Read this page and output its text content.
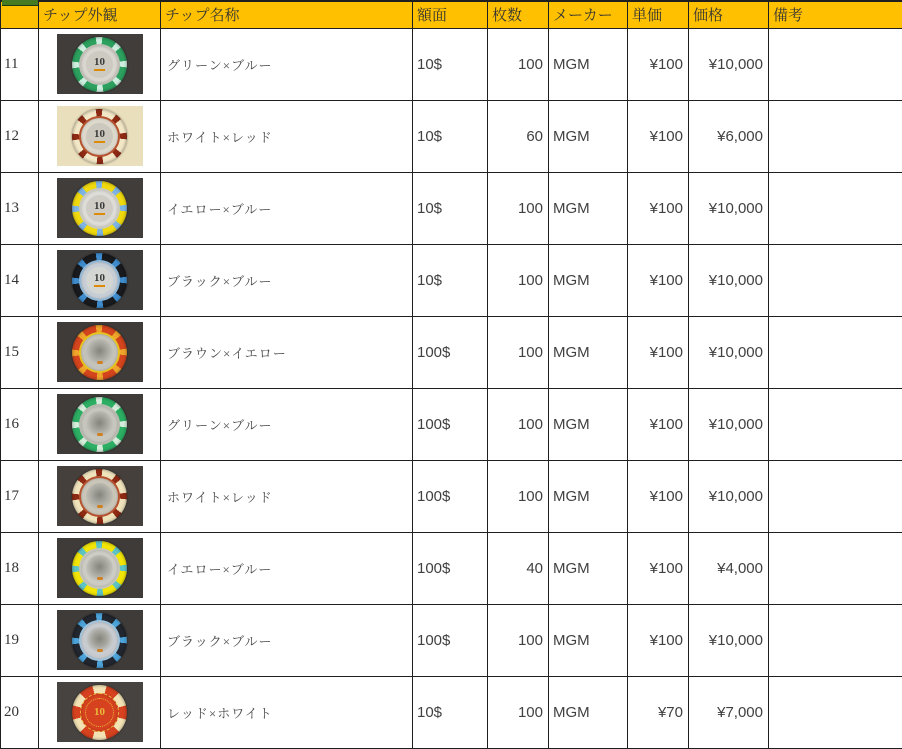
	チップ外観	チップ名称	額面	枚数	メーカー	単価	価格	備考
11	10	グリーン×ブルー	10$	100	MGM	¥100	¥10,000	
12	10	ホワイト×レッド	10$	60	MGM	¥100	¥6,000	
13	10	イエロー×ブルー	10$	100	MGM	¥100	¥10,000	
14	10	ブラック×ブルー	10$	100	MGM	¥100	¥10,000	
15		ブラウン×イエロー	100$	100	MGM	¥100	¥10,000	
16		グリーン×ブルー	100$	100	MGM	¥100	¥10,000	
17		ホワイト×レッド	100$	100	MGM	¥100	¥10,000	
18		イエロー×ブルー	100$	40	MGM	¥100	¥4,000	
19		ブラック×ブルー	100$	100	MGM	¥100	¥10,000	
20	10	レッド×ホワイト	10$	100	MGM	¥70	¥7,000	
